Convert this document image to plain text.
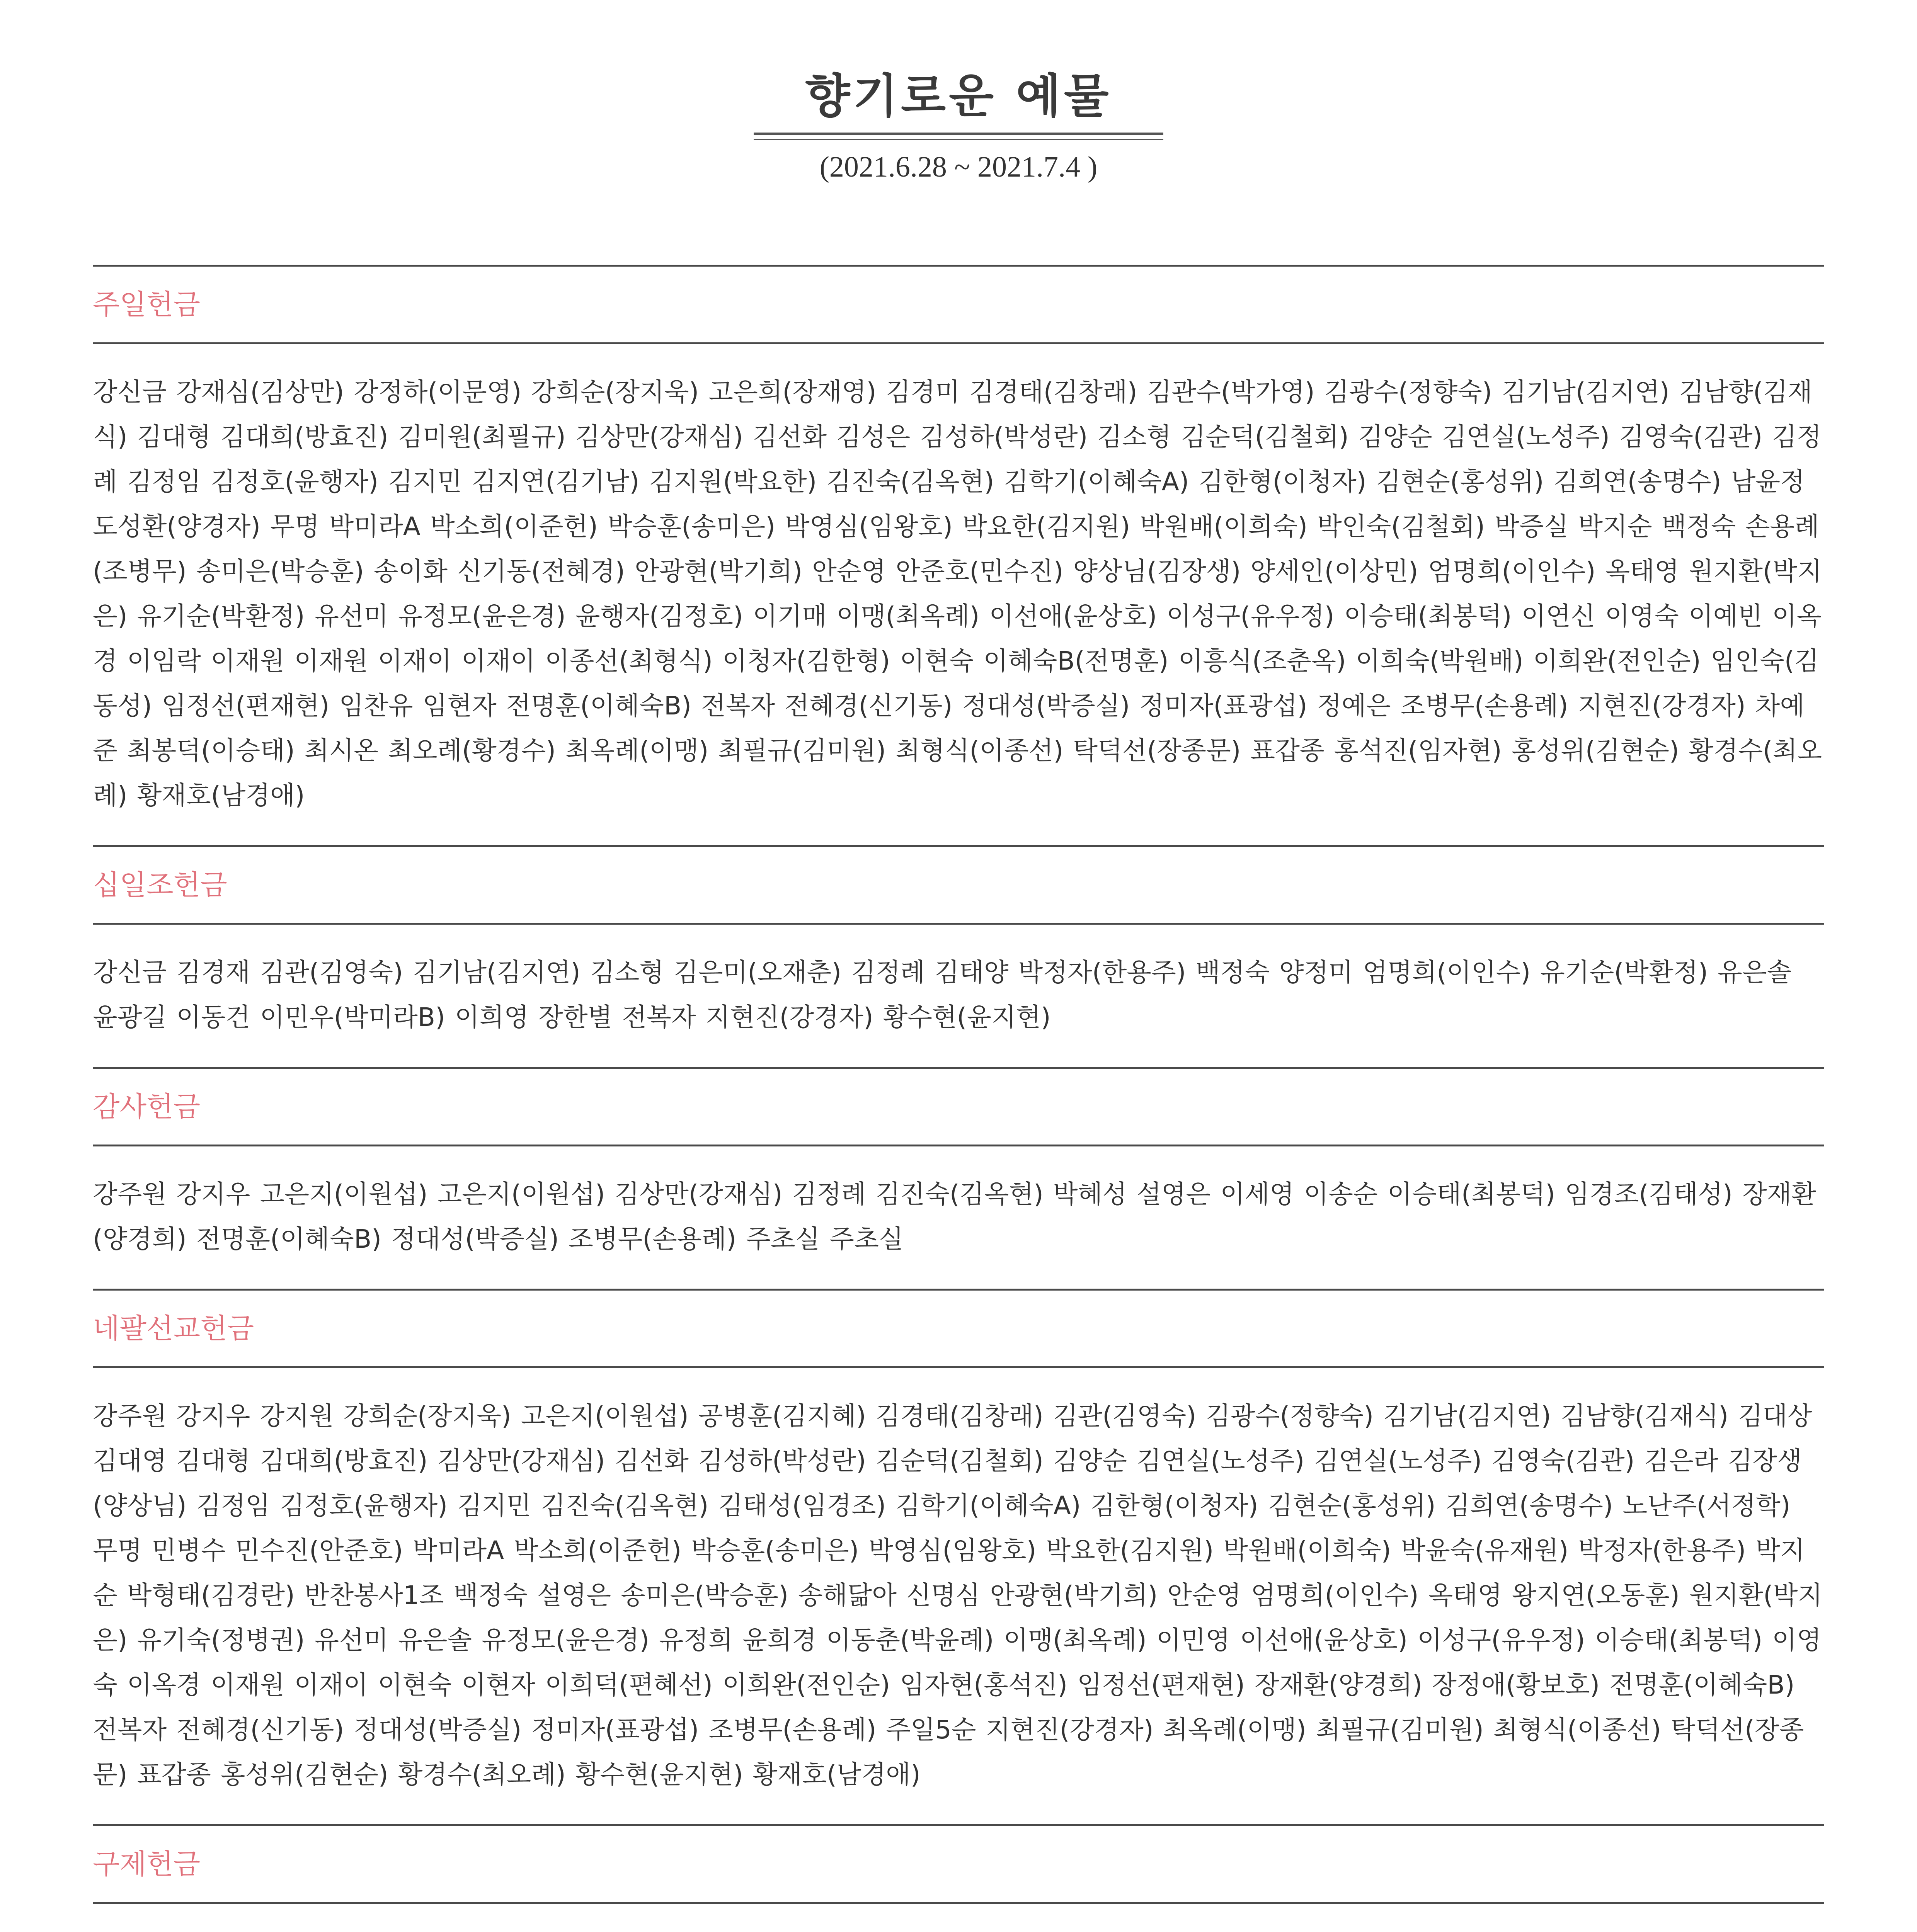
향기로운 예물
(2021.6.28 ~ 2021.7.4 )
주일헌금
강신금 강재심(김상만) 강정하(이문영) 강희순(장지욱) 고은희(장재영) 김경미 김경태(김창래) 김관수(박가영) 김광수(정향숙) 김기남(김지연) 김남향(김재식) 김대형 김대희(방효진) 김미원(최필규) 김상만(강재심) 김선화 김성은 김성하(박성란) 김소형 김순덕(김철회) 김양순 김연실(노성주) 김영숙(김관) 김정례 김정임 김정호(윤행자) 김지민 김지연(김기남) 김지원(박요한) 김진숙(김옥현) 김학기(이혜숙A) 김한형(이청자) 김현순(홍성위) 김희연(송명수) 남윤정 도성환(양경자) 무명 박미라A 박소희(이준헌) 박승훈(송미은) 박영심(임왕호) 박요한(김지원) 박원배(이희숙) 박인숙(김철회) 박증실 박지순 백정숙 손용례(조병무) 송미은(박승훈) 송이화 신기동(전혜경) 안광현(박기희) 안순영 안준호(민수진) 양상님(김장생) 양세인(이상민) 엄명희(이인수) 옥태영 원지환(박지은) 유기순(박환정) 유선미 유정모(윤은경) 윤행자(김정호) 이기매 이맹(최옥례) 이선애(윤상호) 이성구(유우정) 이승태(최봉덕) 이연신 이영숙 이예빈 이옥경 이임락 이재원 이재원 이재이 이재이 이종선(최형식) 이청자(김한형) 이현숙 이혜숙B(전명훈) 이흥식(조춘옥) 이희숙(박원배) 이희완(전인순) 임인숙(김동성) 임정선(편재현) 임찬유 임현자 전명훈(이혜숙B) 전복자 전혜경(신기동) 정대성(박증실) 정미자(표광섭) 정예은 조병무(손용례) 지현진(강경자) 차예준 최봉덕(이승태) 최시온 최오례(황경수) 최옥례(이맹) 최필규(김미원) 최형식(이종선) 탁덕선(장종문) 표갑종 홍석진(임자현) 홍성위(김현순) 황경수(최오례) 황재호(남경애)
십일조헌금
강신금 김경재 김관(김영숙) 김기남(김지연) 김소형 김은미(오재춘) 김정례 김태양 박정자(한용주) 백정숙 양정미 엄명희(이인수) 유기순(박환정) 유은솔 윤광길 이동건 이민우(박미라B) 이희영 장한별 전복자 지현진(강경자) 황수현(윤지현)
감사헌금
강주원 강지우 고은지(이원섭) 고은지(이원섭) 김상만(강재심) 김정례 김진숙(김옥현) 박혜성 설영은 이세영 이송순 이승태(최봉덕) 임경조(김태성) 장재환(양경희) 전명훈(이혜숙B) 정대성(박증실) 조병무(손용례) 주초실 주초실
네팔선교헌금
강주원 강지우 강지원 강희순(장지욱) 고은지(이원섭) 공병훈(김지혜) 김경태(김창래) 김관(김영숙) 김광수(정향숙) 김기남(김지연) 김남향(김재식) 김대상 김대영 김대형 김대희(방효진) 김상만(강재심) 김선화 김성하(박성란) 김순덕(김철회) 김양순 김연실(노성주) 김연실(노성주) 김영숙(김관) 김은라 김장생(양상님) 김정임 김정호(윤행자) 김지민 김진숙(김옥현) 김태성(임경조) 김학기(이혜숙A) 김한형(이청자) 김현순(홍성위) 김희연(송명수) 노난주(서정학) 무명 민병수 민수진(안준호) 박미라A 박소희(이준헌) 박승훈(송미은) 박영심(임왕호) 박요한(김지원) 박원배(이희숙) 박윤숙(유재원) 박정자(한용주) 박지순 박형태(김경란) 반찬봉사1조 백정숙 설영은 송미은(박승훈) 송해닮아 신명심 안광현(박기희) 안순영 엄명희(이인수) 옥태영 왕지연(오동훈) 원지환(박지은) 유기숙(정병권) 유선미 유은솔 유정모(윤은경) 유정희 윤희경 이동춘(박윤례) 이맹(최옥례) 이민영 이선애(윤상호) 이성구(유우정) 이승태(최봉덕) 이영숙 이옥경 이재원 이재이 이현숙 이현자 이희덕(편혜선) 이희완(전인순) 임자현(홍석진) 임정선(편재현) 장재환(양경희) 장정애(황보호) 전명훈(이혜숙B) 전복자 전혜경(신기동) 정대성(박증실) 정미자(표광섭) 조병무(손용례) 주일5순 지현진(강경자) 최옥례(이맹) 최필규(김미원) 최형식(이종선) 탁덕선(장종문) 표갑종 홍성위(김현순) 황경수(최오례) 황수현(윤지현) 황재호(남경애)
구제헌금
